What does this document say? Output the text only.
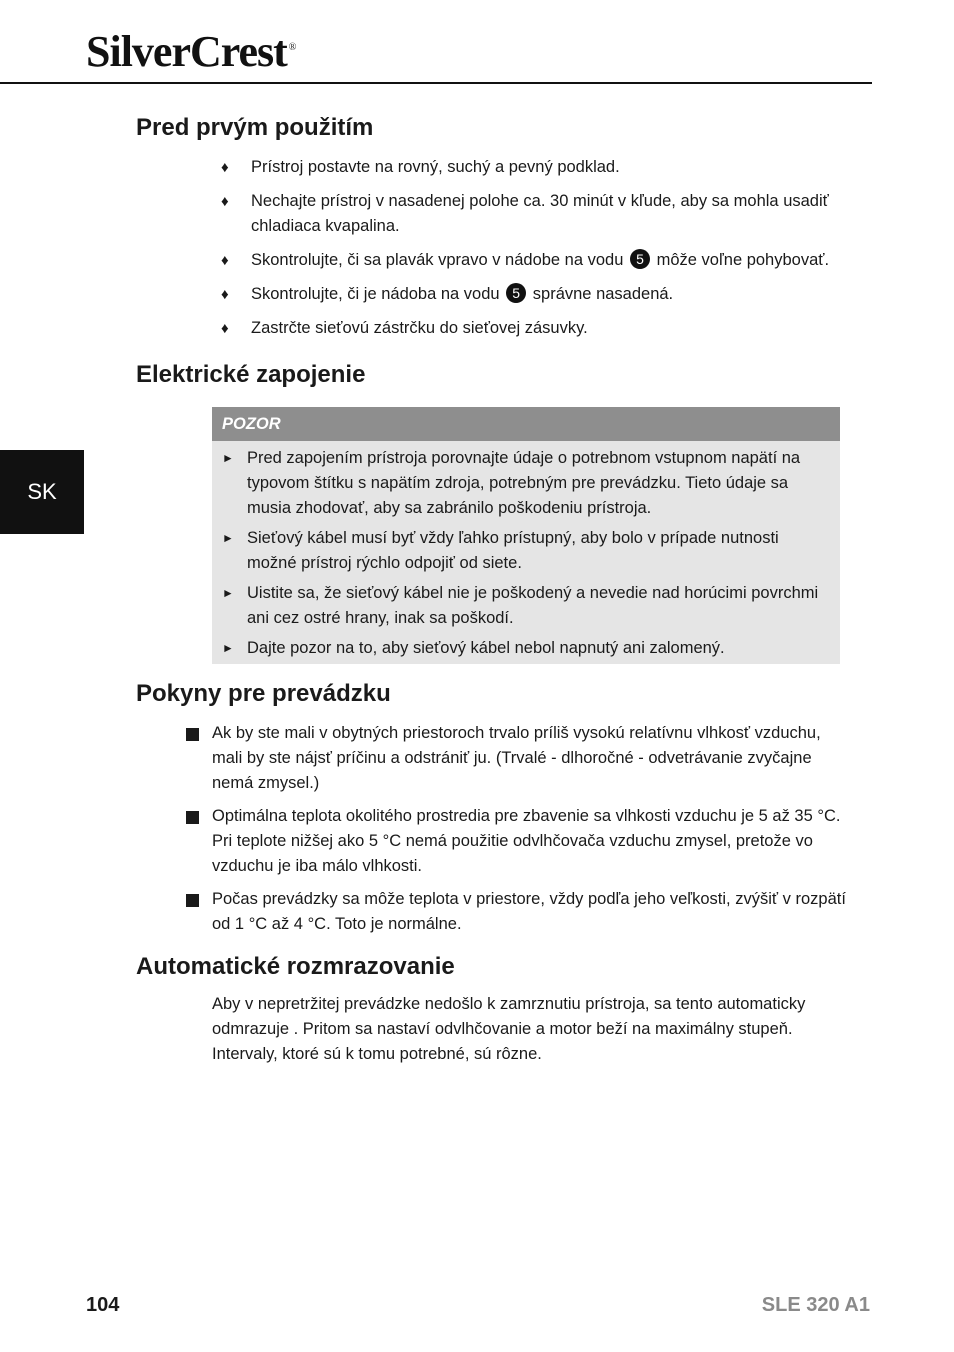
SilverCrest ®
SK
Pred prvým použitím
♦ Prístroj postavte na rovný, suchý a pevný podklad.
♦ Nechajte prístroj v nasadenej polohe ca. 30 minút v kľude, aby sa mohla usadiť chladiaca kvapalina.
♦ Skontrolujte, či sa plavák vpravo v nádobe na vodu 5 môže voľne pohybovať.
♦ Skontrolujte, či je nádoba na vodu 5 správne nasadená.
♦ Zastrčte sieťovú zástrčku do sieťovej zásuvky.
Elektrické zapojenie
POZOR
► Pred zapojením prístroja porovnajte údaje o potrebnom vstupnom napätí na typovom štítku s napätím zdroja, potrebným pre prevádzku. Tieto údaje sa musia zhodovať, aby sa zabránilo poškodeniu prístroja.
► Sieťový kábel musí byť vždy ľahko prístupný, aby bolo v prípade nutnosti možné prístroj rýchlo odpojiť od siete.
► Uistite sa, že sieťový kábel nie je poškodený a nevedie nad horúcimi povrchmi ani cez ostré hrany, inak sa poškodí.
► Dajte pozor na to, aby sieťový kábel nebol napnutý ani zalomený.
Pokyny pre prevádzku
Ak by ste mali v obytných priestoroch trvalo príliš vysokú relatívnu vlhkosť vzduchu, mali by ste nájsť príčinu a odstrániť ju. (Trvalé - dlhoročné - odvetrávanie zvyčajne nemá zmysel.)
Optimálna teplota okolitého prostredia pre zbavenie sa vlhkosti vzduchu je 5 až 35 °C. Pri teplote nižšej ako 5 °C nemá použitie odvlhčovača vzduchu zmysel, pretože vo vzduchu je iba málo vlhkosti.
Počas prevádzky sa môže teplota v priestore, vždy podľa jeho veľkosti, zvýšiť v rozpätí od 1 °C až 4 °C. Toto je normálne.
Automatické rozmrazovanie

Aby v nepretržitej prevádzke nedošlo k zamrznutiu prístroja, sa tento automaticky odmrazuje . Pritom sa nastaví odvlhčovanie a motor beží na maximálny stupeň. Intervaly, ktoré sú k tomu potrebné, sú rôzne.

104	SLE 320 A1
